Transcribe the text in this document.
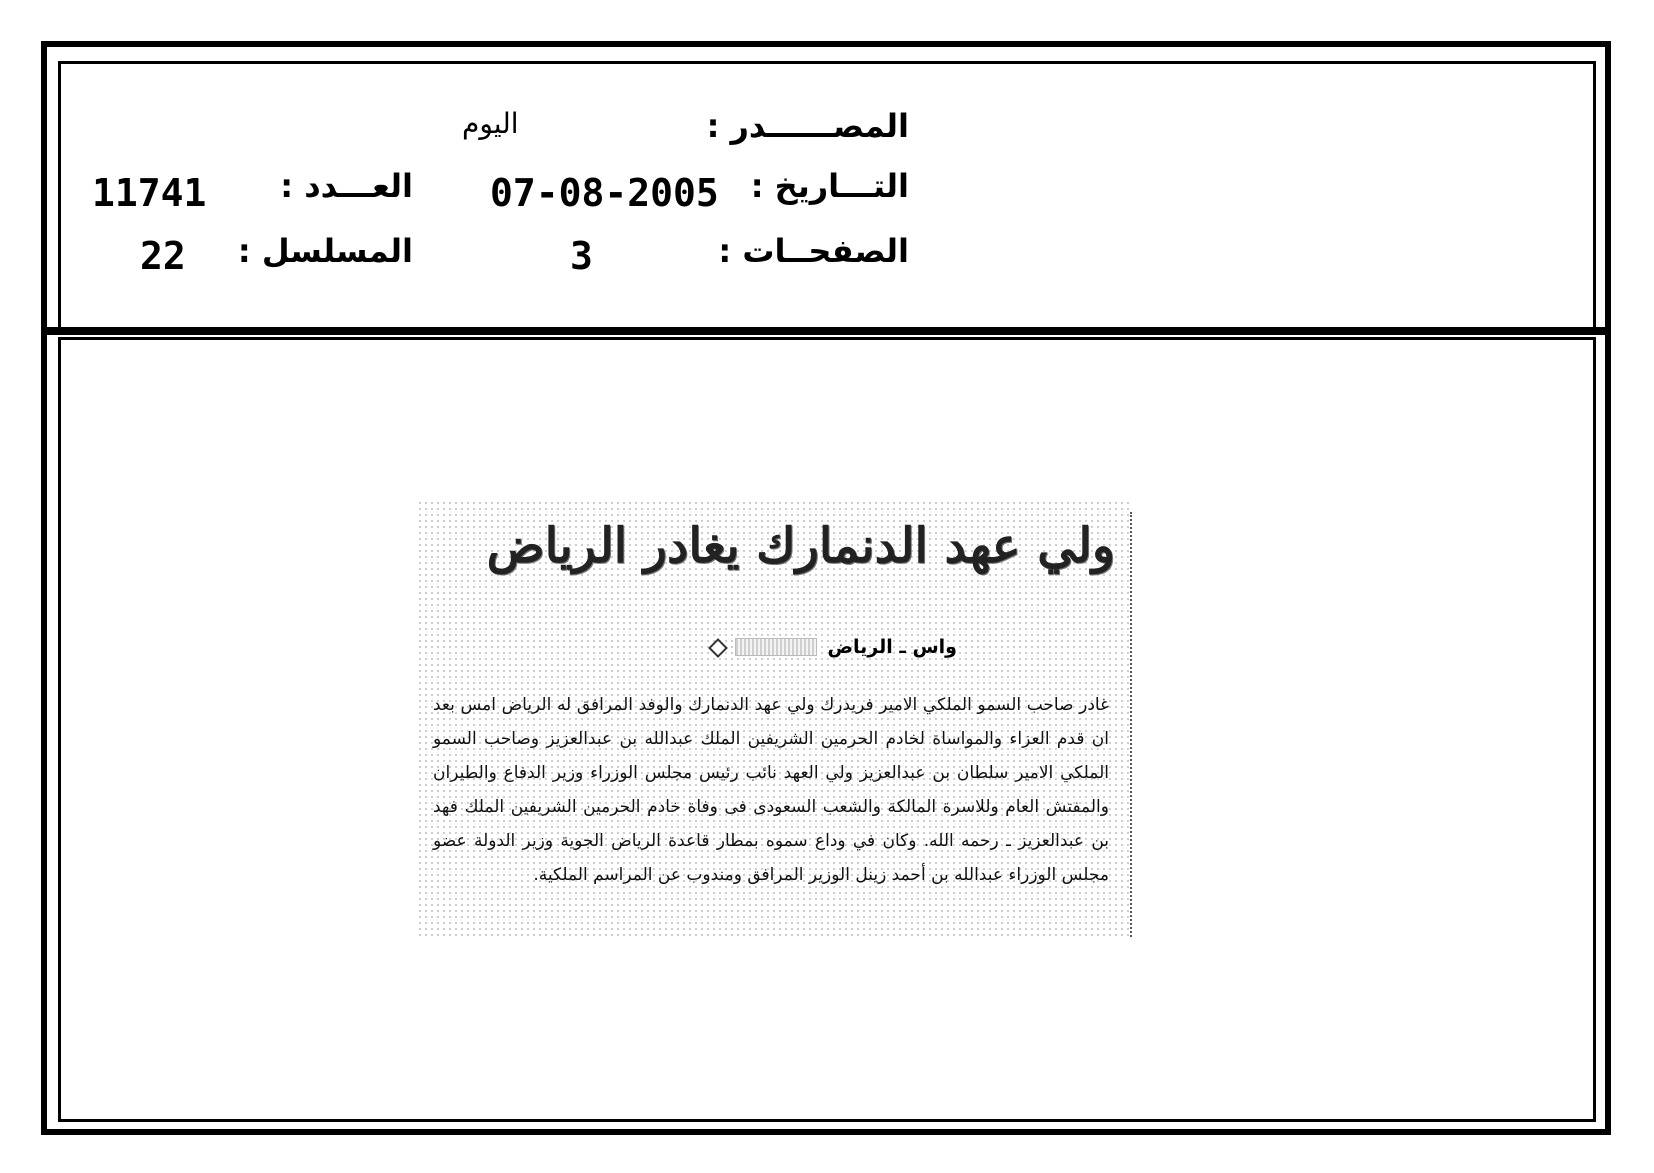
المصــــــدر :
اليوم
التـــاريخ :
07-08-2005
العـــدد :
11741
الصفحــات :
3
المسلسل :
22
ولي عهد الدنمارك يغادر الرياض
واس ـ الرياض
غادر صاحب السمو الملكي الامير فريدرك ولي عهد الدنمارك والوفد المرافق له الرياض امس بعد ان قدم العزاء والمواساة لخادم الحرمين الشريفين الملك عبدالله بن عبدالعزيز وصاحب السمو الملكي الامير سلطان بن عبدالعزيز ولي العهد نائب رئيس مجلس الوزراء وزير الدفاع والطيران والمفتش العام وللاسرة المالكة والشعب السعودى فى وفاة خادم الحرمين الشريفين الملك فهد بن عبدالعزيز ـ رحمه الله. وكان في وداع سموه بمطار قاعدة الرياض الجوية وزير الدولة عضو مجلس الوزراء عبدالله بن أحمد زينل الوزير المرافق ومندوب عن المراسم الملكية.
